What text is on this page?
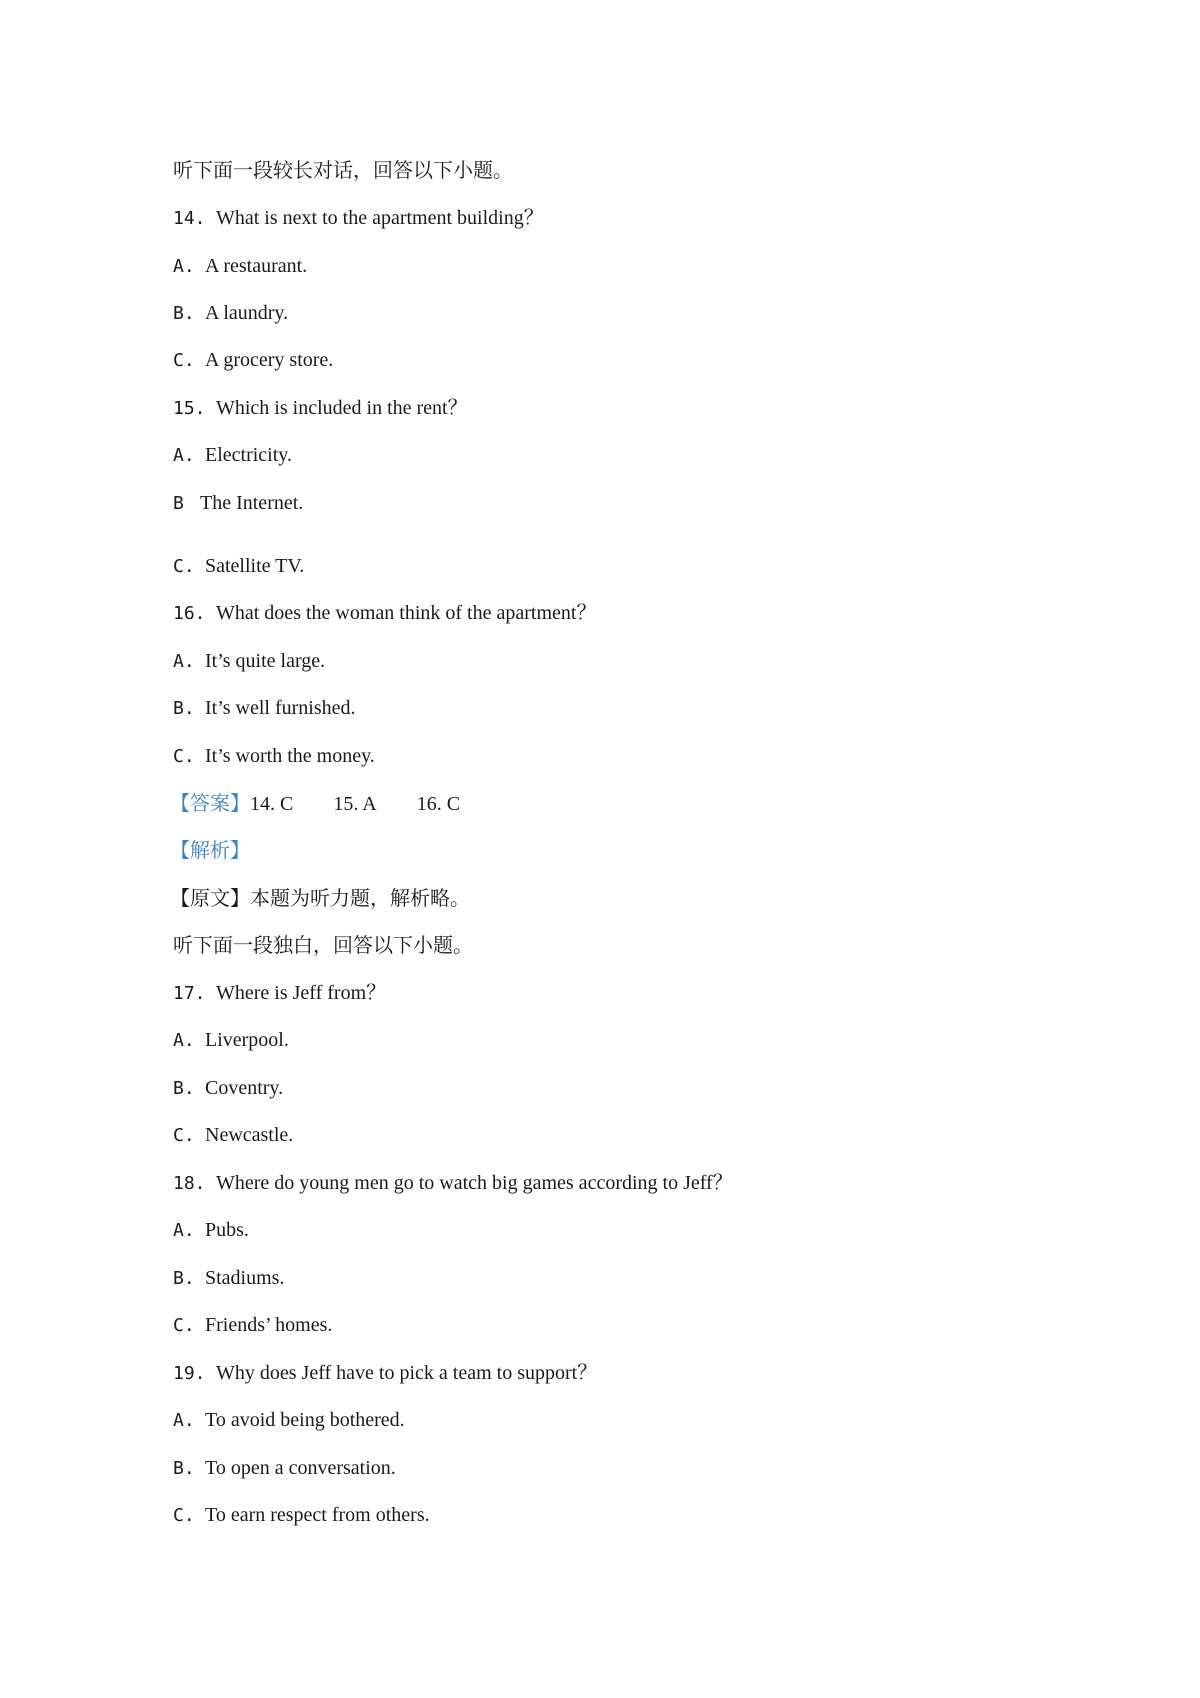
听下面一段较长对话，回答以下小题。
14. What is next to the apartment building？
A. A restaurant.
B. A laundry.
C. A grocery store.
15. Which is included in the rent？
A. Electricity.
B The Internet.
C. Satellite TV.
16. What does the woman think of the apartment？
A. It’s quite large.
B. It’s well furnished.
C. It’s worth the money.
【答案】14. C 15. A 16. C
【解析】
【原文】本题为听力题，解析略。
听下面一段独白，回答以下小题。
17. Where is Jeff from？
A. Liverpool.
B. Coventry.
C. Newcastle.
18. Where do young men go to watch big games according to Jeff？
A. Pubs.
B. Stadiums.
C. Friends’ homes.
19. Why does Jeff have to pick a team to support？
A. To avoid being bothered.
B. To open a conversation.
C. To earn respect from others.
